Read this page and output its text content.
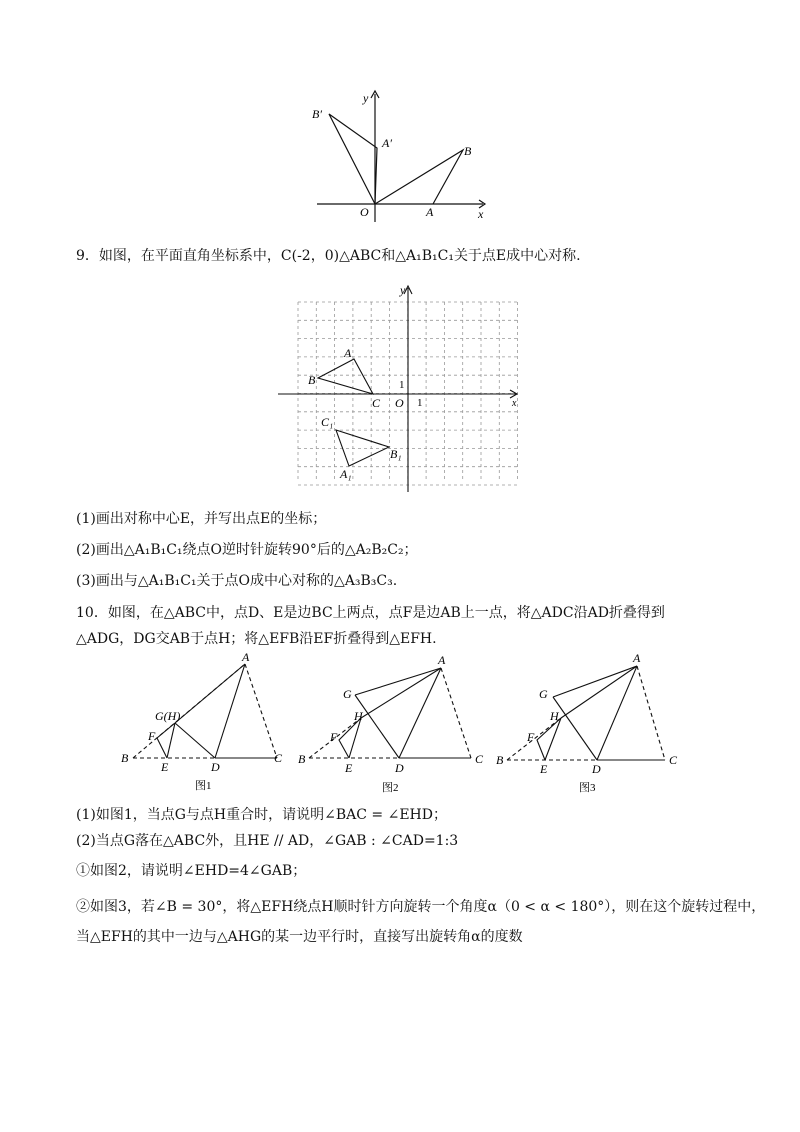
B′
A′
y
B
O	A	x
9．如图，在平面直角坐标系中，C(-2，0)△ABC和△A₁B₁C₁关于点E成中心对称.
y
x
A
B
C O
1
1
C₁
A₁
B₁
(1)画出对称中心E，并写出点E的坐标；
(2)画出△A₁B₁C₁绕点O逆时针旋转90°后的△A₂B₂C₂；
(3)画出与△A₁B₁C₁关于点O成中心对称的△A₃B₃C₃.
10．如图，在△ABC中，点D、E是边BC上两点，点F是边AB上一点，将△ADC沿AD折叠得到
△ADG，DG交AB于点H；将△EFB沿EF折叠得到△EFH.
A
G(H)
F
B
E	D
C
图1
A
G
H
F
B
E	D
C
图2
A
G
H
F
B
E	D
C
图3
(1)如图1，当点G与点H重合时，请说明∠BAC = ∠EHD；
(2)当点G落在△ABC外，且HE // AD，∠GAB : ∠CAD=1:3
①如图2，请说明∠EHD=4∠GAB；
②如图3，若∠B = 30°，将△EFH绕点H顺时针方向旋转一个角度α（0 < α < 180°），则在这个旋转过程中，
当△EFH的其中一边与△AHG的某一边平行时，直接写出旋转角α的度数
